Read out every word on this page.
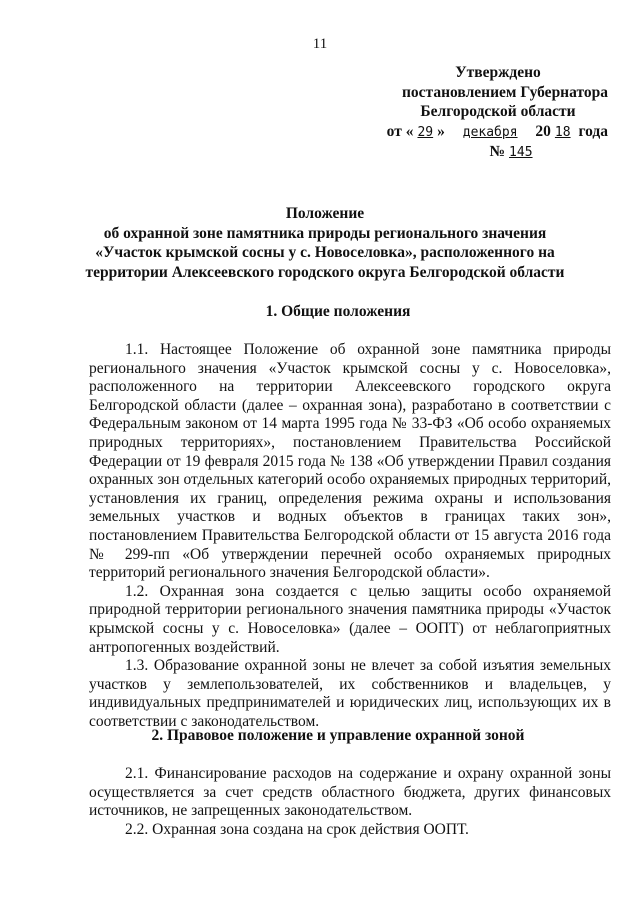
11
Утверждено
постановлением Губернатора
Белгородской области
от « 29 » декабря 20 18 года
№ 145
Положение
об охранной зоне памятника природы регионального значения
«Участок крымской сосны у с. Новоселовка», расположенного на
территории Алексеевского городского округа Белгородской области
1. Общие положения

1.1. Настоящее Положение об охранной зоне памятника природы регионального значения «Участок крымской сосны у с. Новоселовка», расположенного на территории Алексеевского городского округа Белгородской области (далее – охранная зона), разработано в соответствии с Федеральным законом от 14 марта 1995 года № 33-ФЗ «Об особо охраняемых природных территориях», постановлением Правительства Российской Федерации от 19 февраля 2015 года № 138 «Об утверждении Правил создания охранных зон отдельных категорий особо охраняемых природных территорий, установления их границ, определения режима охраны и использования земельных участков и водных объектов в границах таких зон», постановлением Правительства Белгородской области от 15 августа 2016 года № 299-пп «Об утверждении перечней особо охраняемых природных территорий регионального значения Белгородской области».

1.2. Охранная зона создается с целью защиты особо охраняемой природной территории регионального значения памятника природы «Участок крымской сосны у с. Новоселовка» (далее – ООПТ) от неблагоприятных антропогенных воздействий.

1.3. Образование охранной зоны не влечет за собой изъятия земельных участков у землепользователей, их собственников и владельцев, у индивидуальных предпринимателей и юридических лиц, использующих их в соответствии с законодательством.

2. Правовое положение и управление охранной зоной

2.1. Финансирование расходов на содержание и охрану охранной зоны осуществляется за счет средств областного бюджета, других финансовых источников, не запрещенных законодательством.

2.2. Охранная зона создана на срок действия ООПТ.
